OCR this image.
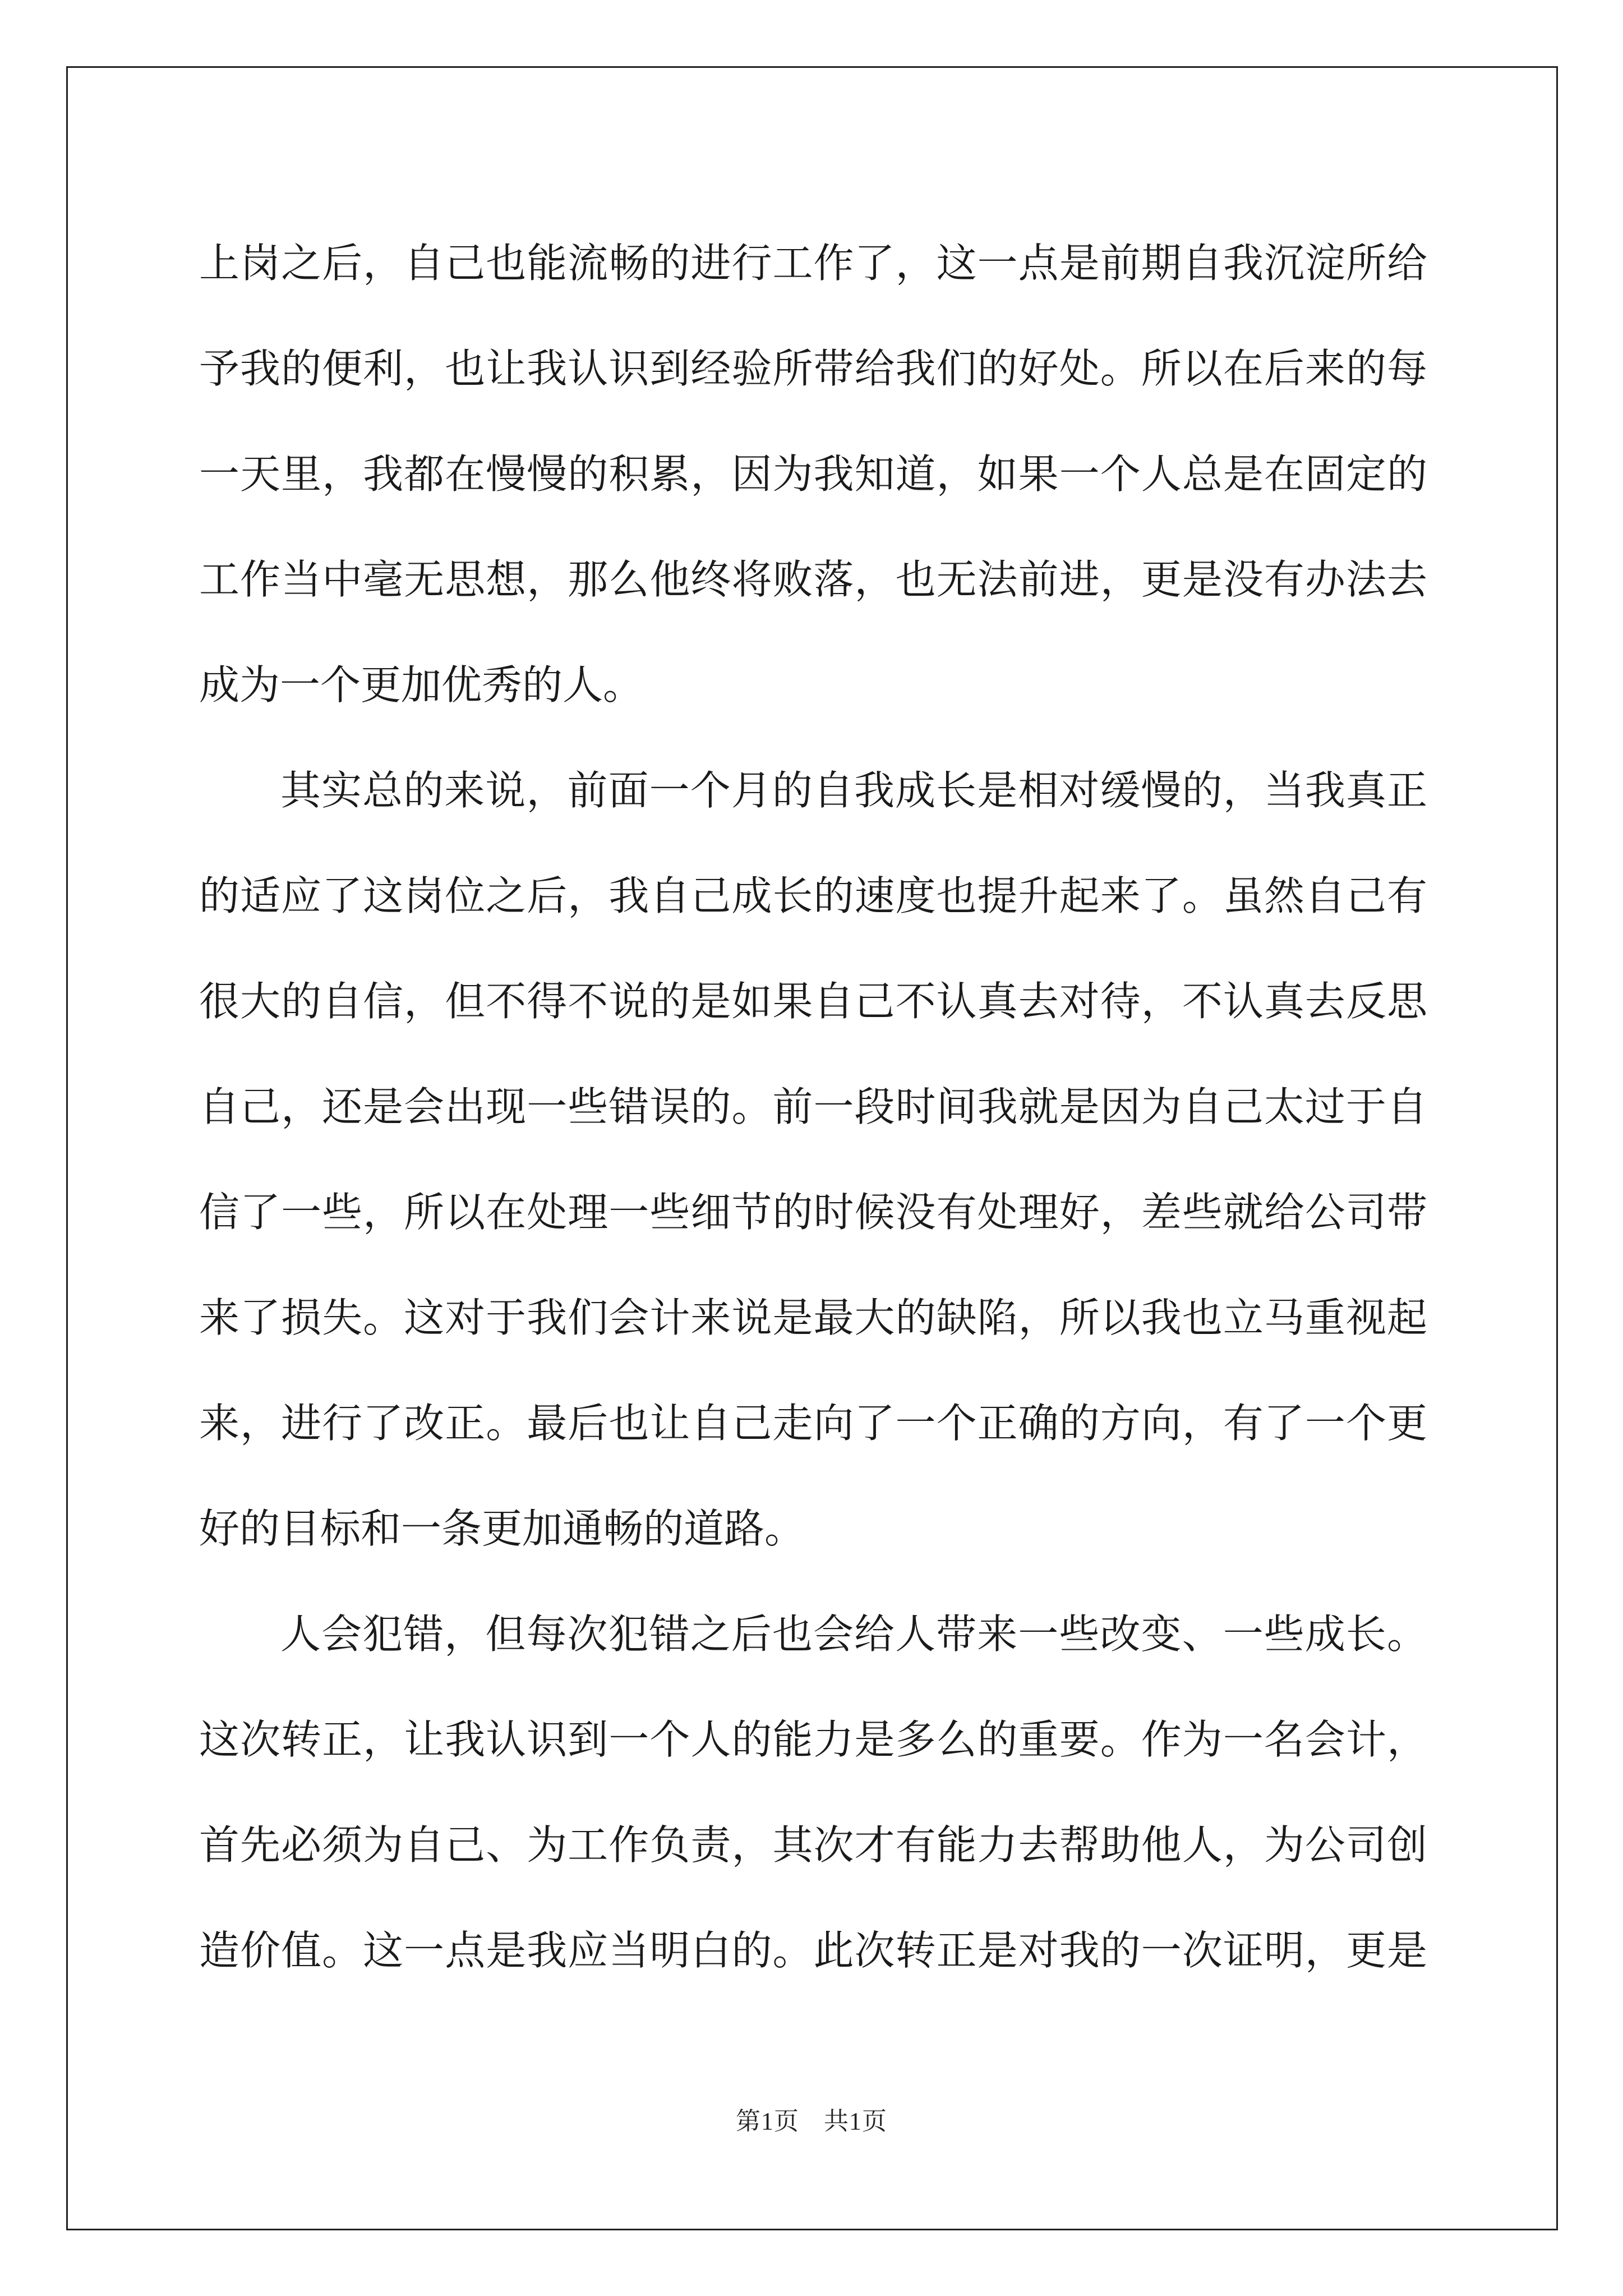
上岗之后，自己也能流畅的进行工作了，这一点是前期自我沉淀所给
予我的便利，也让我认识到经验所带给我们的好处。所以在后来的每
一天里，我都在慢慢的积累，因为我知道，如果一个人总是在固定的
工作当中毫无思想，那么他终将败落，也无法前进，更是没有办法去
成为一个更加优秀的人。
其实总的来说，前面一个月的自我成长是相对缓慢的，当我真正
的适应了这岗位之后，我自己成长的速度也提升起来了。虽然自己有
很大的自信，但不得不说的是如果自己不认真去对待，不认真去反思
自己，还是会出现一些错误的。前一段时间我就是因为自己太过于自
信了一些，所以在处理一些细节的时候没有处理好，差些就给公司带
来了损失。这对于我们会计来说是最大的缺陷，所以我也立马重视起
来，进行了改正。最后也让自己走向了一个正确的方向，有了一个更
好的目标和一条更加通畅的道路。
人会犯错，但每次犯错之后也会给人带来一些改变、一些成长。
这次转正，让我认识到一个人的能力是多么的重要。作为一名会计，
首先必须为自己、为工作负责，其次才有能力去帮助他人，为公司创
造价值。这一点是我应当明白的。此次转正是对我的一次证明，更是
第1页 共1页
